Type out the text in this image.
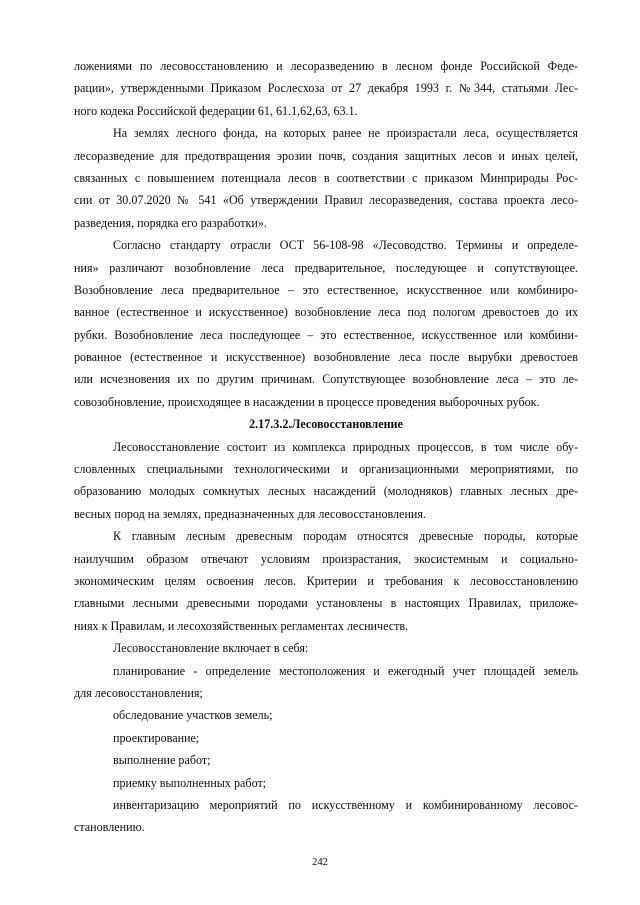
ложениями по лесовосстановлению и лесоразведению в лесном фонде Российской Феде-
рации», утвержденными Приказом Рослесхоза от 27 декабря 1993 г. №344, статьями Лес-
ного кодека Российской федерации 61, 61.1,62,63, 63.1.
На землях лесного фонда, на которых ранее не произрастали леса, осуществляется
лесоразведение для предотвращения эрозии почв, создания защитных лесов и иных целей,
связанных с повышением потенциала лесов в соответствии с приказом Минприроды Рос-
сии от 30.07.2020 № 541 «Об утверждении Правил лесоразведения, состава проекта лесо-
разведения, порядка его разработки».
Согласно стандарту отрасли ОСТ 56-108-98 «Лесоводство. Термины и определе-
ния» различают возобновление леса предварительное, последующее и сопутствующее.
Возобновление леса предварительное – это естественное, искусственное или комбиниро-
ванное (естественное и искусственное) возобновление леса под пологом древостоев до их
рубки. Возобновление леса последующее – это естественное, искусственное или комбини-
рованное (естественное и искусственное) возобновление леса после вырубки древостоев
или исчезновения их по другим причинам. Сопутствующее возобновление леса – это ле-
совозобновление, происходящее в насаждении в процессе проведения выборочных рубок.
2.17.3.2.Лесовосстановление
Лесовосстановление состоит из комплекса природных процессов, в том числе обу-
словленных специальными технологическими и организационными мероприятиями, по
образованию молодых сомкнутых лесных насаждений (молодняков) главных лесных дре-
весных пород на землях, предназначенных для лесовосстановления.
К главным лесным древесным породам относятся древесные породы, которые
наилучшим образом отвечают условиям произрастания, экосистемным и социально-
экономическим целям освоения лесов. Критерии и требования к лесовосстановлению
главными лесными древесными породами установлены в настоящих Правилах, приложе-
ниях к Правилам, и лесохозяйственных регламентах лесничеств.
Лесовосстановление включает в себя:
планирование - определение местоположения и ежегодный учет площадей земель
для лесовосстановления;
обследование участков земель;
проектирование;
выполнение работ;
приемку выполненных работ;
инвентаризацию мероприятий по искусственному и комбинированному лесовос-
становлению.
242
